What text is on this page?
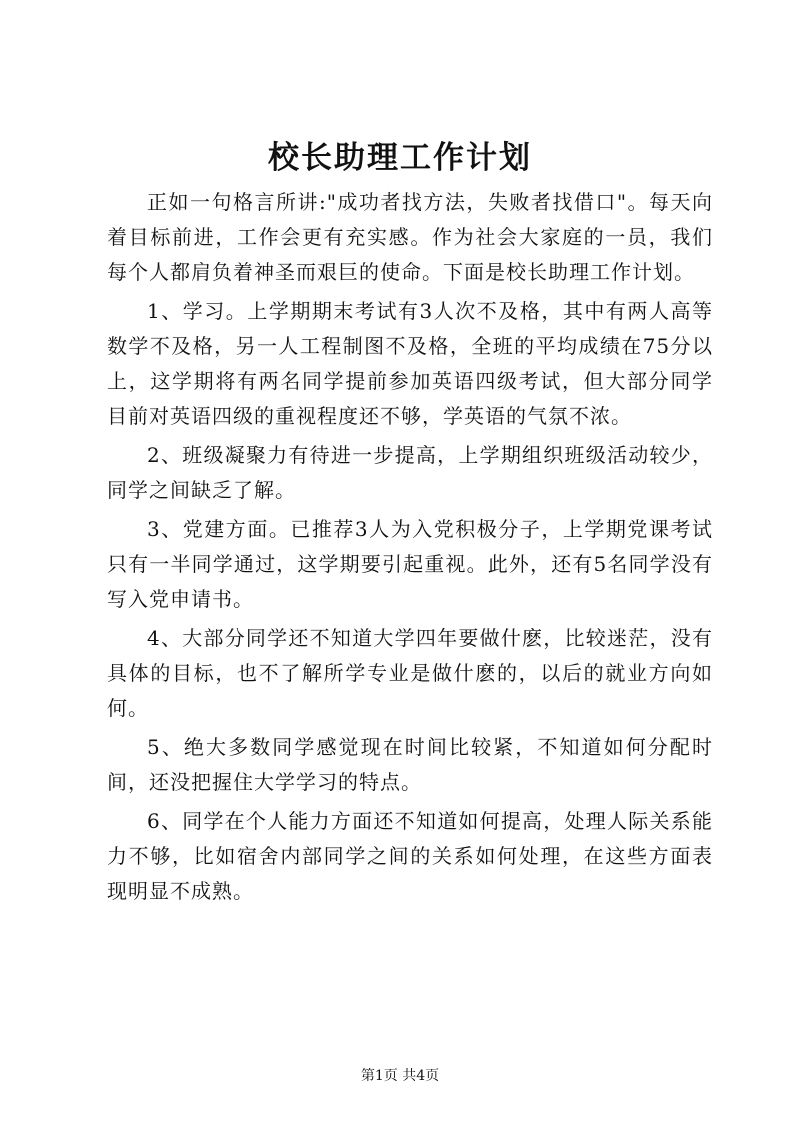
校长助理工作计划

正如一句格言所讲:"成功者找方法，失败者找借口"。每天向着目标前进，工作会更有充实感。作为社会大家庭的一员，我们每个人都肩负着神圣而艰巨的使命。下面是校长助理工作计划。

1、学习。上学期期末考试有3人次不及格，其中有两人高等数学不及格，另一人工程制图不及格，全班的平均成绩在75分以上，这学期将有两名同学提前参加英语四级考试，但大部分同学目前对英语四级的重视程度还不够，学英语的气氛不浓。

2、班级凝聚力有待进一步提高，上学期组织班级活动较少，同学之间缺乏了解。

3、党建方面。已推荐3人为入党积极分子，上学期党课考试只有一半同学通过，这学期要引起重视。此外，还有5名同学没有写入党申请书。

4、大部分同学还不知道大学四年要做什麽，比较迷茫，没有具体的目标，也不了解所学专业是做什麽的，以后的就业方向如何。

5、绝大多数同学感觉现在时间比较紧，不知道如何分配时间，还没把握住大学学习的特点。

6、同学在个人能力方面还不知道如何提高，处理人际关系能力不够，比如宿舍内部同学之间的关系如何处理，在这些方面表现明显不成熟。

第1页 共4页
